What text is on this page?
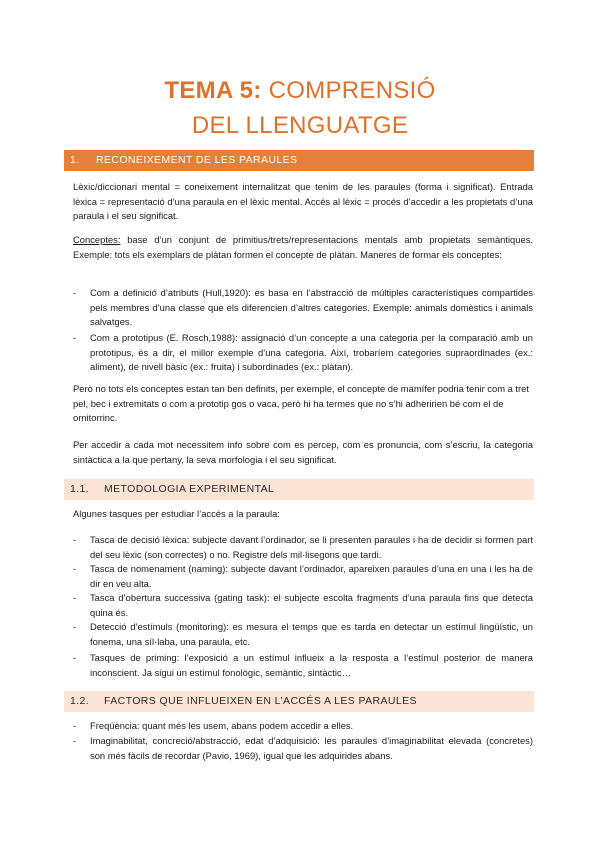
TEMA 5: COMPRENSIÓ
DEL LLENGUATGE
1. RECONEIXEMENT DE LES PARAULES
Lèxic/diccionari mental = coneixement internalitzat que tenim de les paraules (forma i significat). Entrada lèxica = representació d’una paraula en el lèxic mental. Accés al lèxic = procés d’accedir a les propietats d’una paraula i el seu significat.
Conceptes: base d’un conjunt de primitius/trets/representacions mentals amb propietats semàntiques. Exemple: tots els exemplars de plàtan formen el concepte de plàtan. Maneres de formar els conceptes:
- Com a definició d’atributs (Hull,1920): es basa en l’abstracció de múltiples característiques compartides pels membres d’una classe que els diferencien d’altres categories. Exemple: animals domèstics i animals salvatges.
- Com a prototipus (E. Rosch,1988): assignació d’un concepte a una categoria per la comparació amb un prototipus, és a dir, el millor exemple d’una categoria. Així, trobaríem categories supraordinades (ex.: aliment), de nivell bàsic (ex.: fruita) i subordinades (ex.: plàtan).
Però no tots els conceptes estan tan ben definits, per exemple, el concepte de mamífer podria tenir com a tret pel, bec i extremitats o com a prototip gos o vaca, però hi ha termes que no s’hi adheririen bé com el de ornitorrinc.
Per accedir a cada mot necessitem info sobre com es percep, com es pronuncia, com s’escriu, la categoria sintàctica a la que pertany, la seva morfologia i el seu significat.
1.1. METODOLOGIA EXPERIMENTAL
Algunes tasques per estudiar l’accés a la paraula:
- Tasca de decisió lèxica: subjecte davant l’ordinador, se li presenten paraules i ha de decidir si formen part del seu lèxic (son correctes) o no. Registre dels mil·lisegons que tardi.
- Tasca de nomenament (naming): subjecte davant l’ordinador, apareixen paraules d’una en una i les ha de dir en veu alta.
- Tasca d’obertura successiva (gating task): el subjecte escolta fragments d’una paraula fins que detecta quina és.
- Detecció d’estímuls (monitoring): es mesura el temps que es tarda en detectar un estímul lingüístic, un fonema, una síl·laba, una paraula, etc.
- Tasques de priming: l’exposició a un estímul influeix a la resposta a l’estímul posterior de manera inconscient. Ja sigui un estímul fonològic, semàntic, sintàctic…
1.2. FACTORS QUE INFLUEIXEN EN L’ACCÉS A LES PARAULES
- Freqüència: quant més les usem, abans podem accedir a elles.
- Imaginabilitat, concreció/abstracció, edat d’adquisició: les paraules d’imaginabilitat elevada (concretes) son més fàcils de recordar (Pavio, 1969), igual que les adquirides abans.
